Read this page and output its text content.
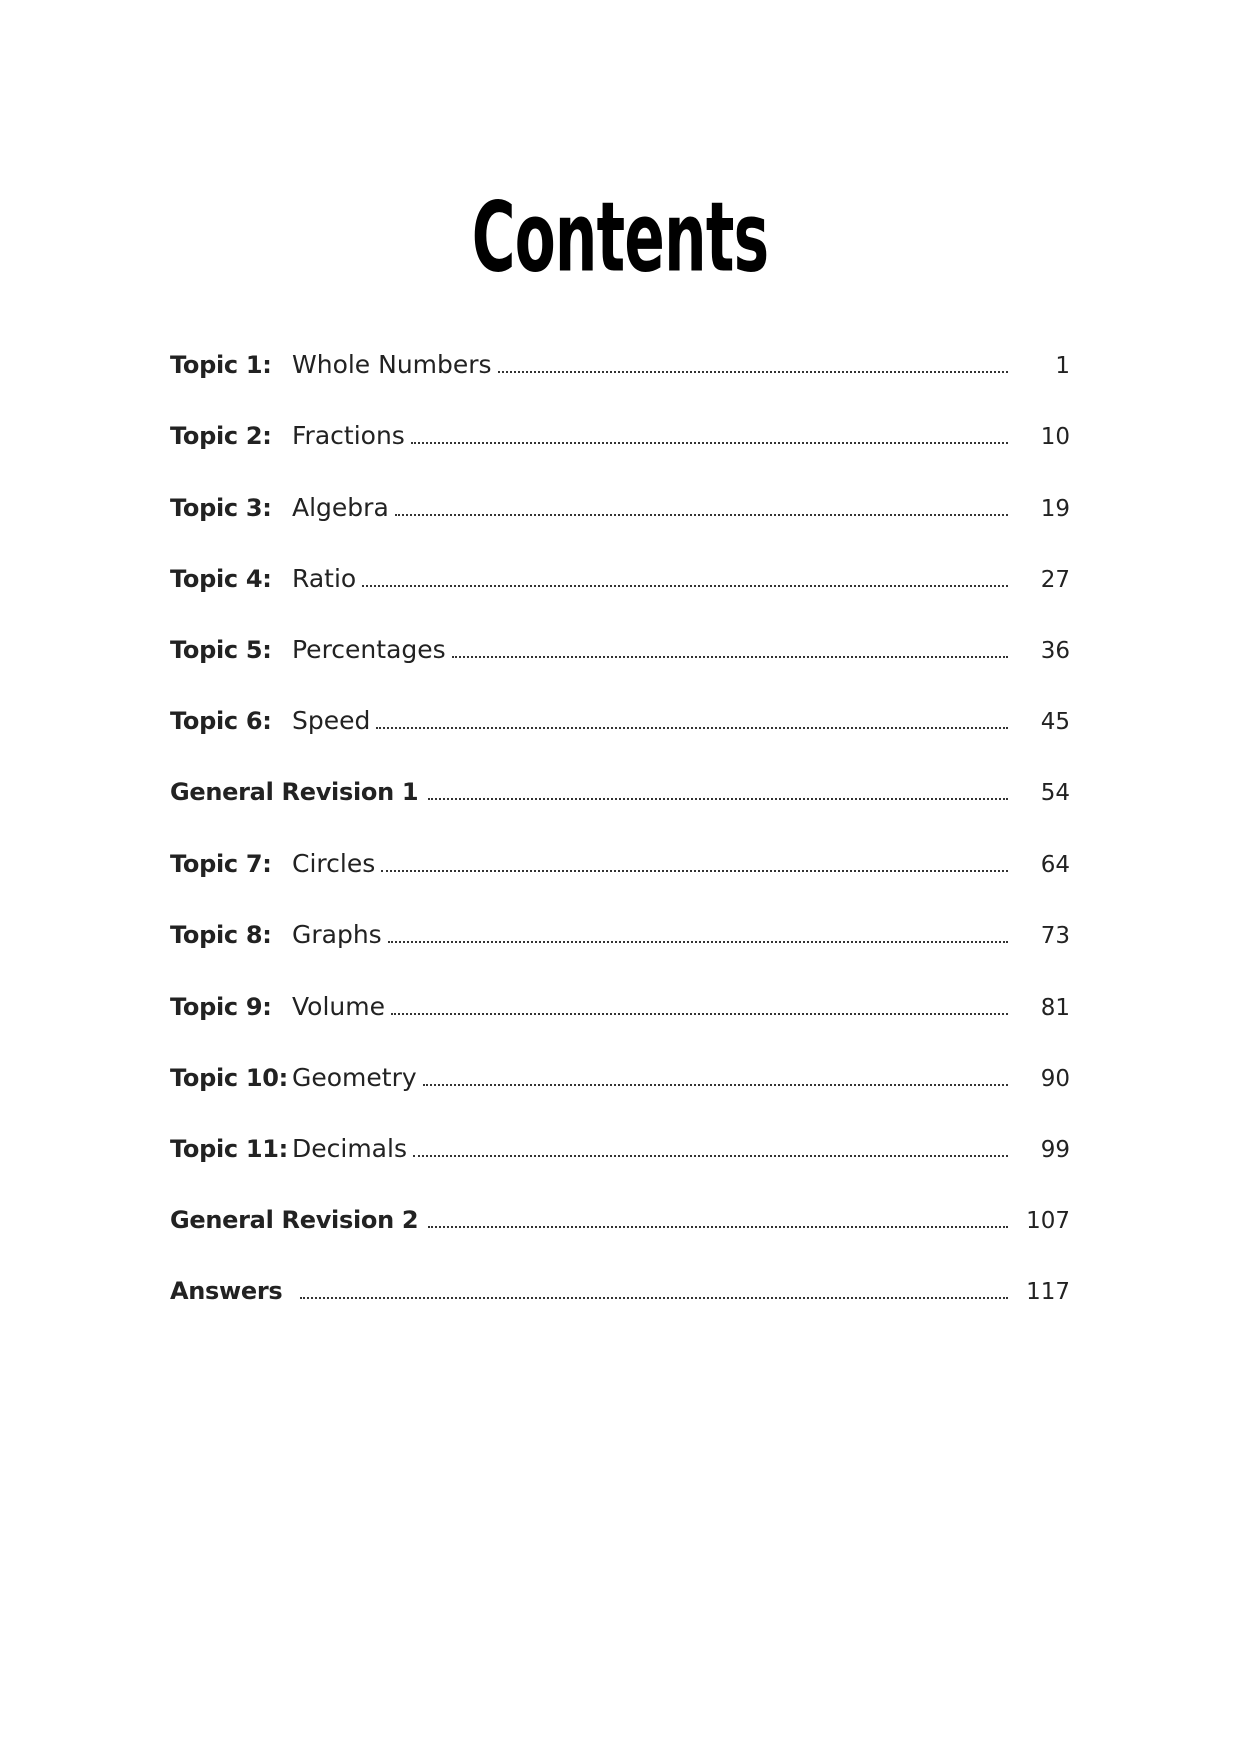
Contents
Topic 1: Whole Numbers	1
Topic 2: Fractions	10
Topic 3: Algebra	19
Topic 4: Ratio	27
Topic 5: Percentages	36
Topic 6: Speed	45
General Revision 1	54
Topic 7: Circles	64
Topic 8: Graphs	73
Topic 9: Volume	81
Topic 10: Geometry	90
Topic 11: Decimals	99
General Revision 2	107
Answers	117
